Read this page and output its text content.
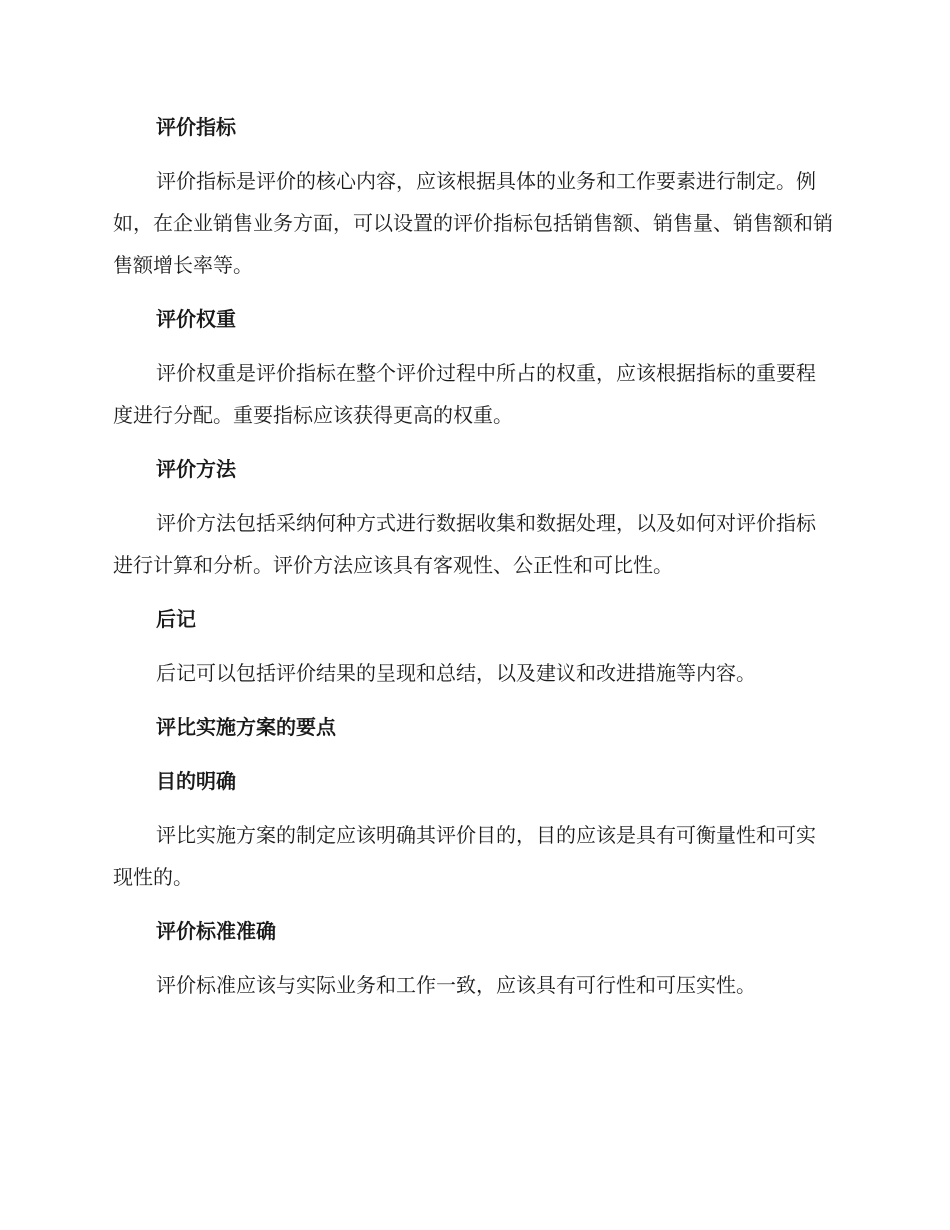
评价指标

评价指标是评价的核心内容，应该根据具体的业务和工作要素进行制定。例如，在企业销售业务方面，可以设置的评价指标包括销售额、销售量、销售额和销售额增长率等。

评价权重

评价权重是评价指标在整个评价过程中所占的权重，应该根据指标的重要程度进行分配。重要指标应该获得更高的权重。

评价方法

评价方法包括采纳何种方式进行数据收集和数据处理，以及如何对评价指标进行计算和分析。评价方法应该具有客观性、公正性和可比性。

后记

后记可以包括评价结果的呈现和总结，以及建议和改进措施等内容。

评比实施方案的要点
目的明确

评比实施方案的制定应该明确其评价目的，目的应该是具有可衡量性和可实现性的。

评价标准准确

评价标准应该与实际业务和工作一致，应该具有可行性和可压实性。
